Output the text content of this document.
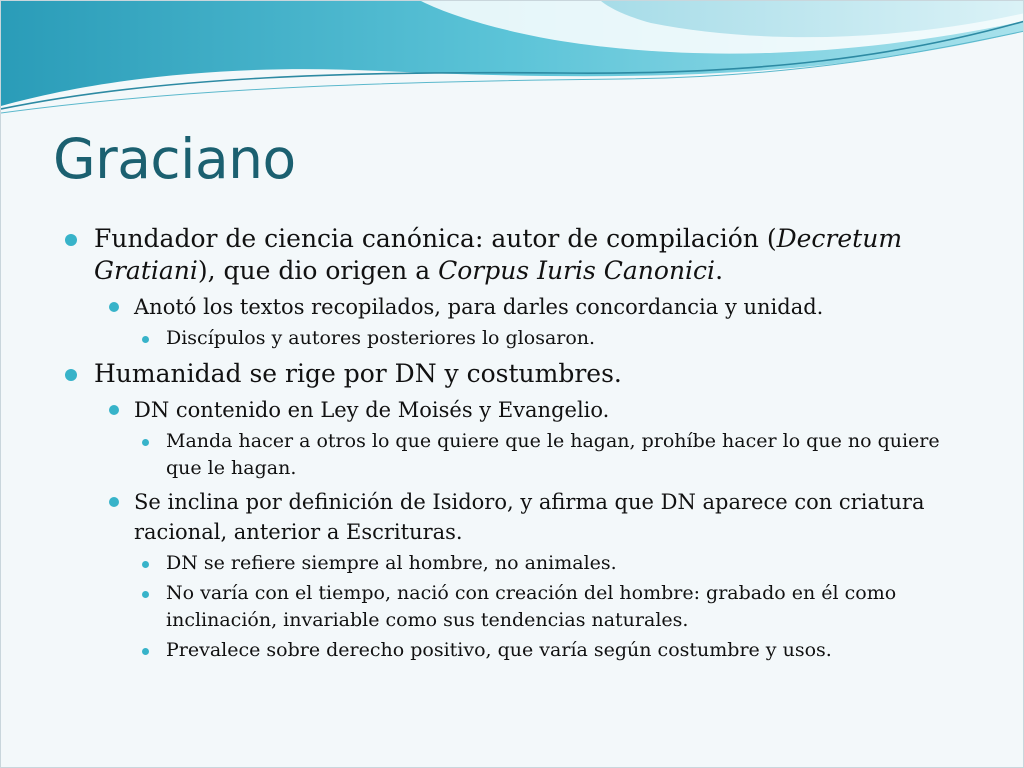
Graciano
Fundador de ciencia canónica: autor de compilación (Decretum Gratiani), que dio origen a Corpus Iuris Canonici.
Anotó los textos recopilados, para darles concordancia y unidad.
Discípulos y autores posteriores lo glosaron.
Humanidad se rige por DN y costumbres.
DN contenido en Ley de Moisés y Evangelio.
Manda hacer a otros lo que quiere que le hagan, prohíbe hacer lo que no quiere que le hagan.
Se inclina por definición de Isidoro, y afirma que DN aparece con criatura racional, anterior a Escrituras.
DN se refiere siempre al hombre, no animales.
No varía con el tiempo, nació con creación del hombre: grabado en él como inclinación, invariable como sus tendencias naturales.
Prevalece sobre derecho positivo, que varía según costumbre y usos.
